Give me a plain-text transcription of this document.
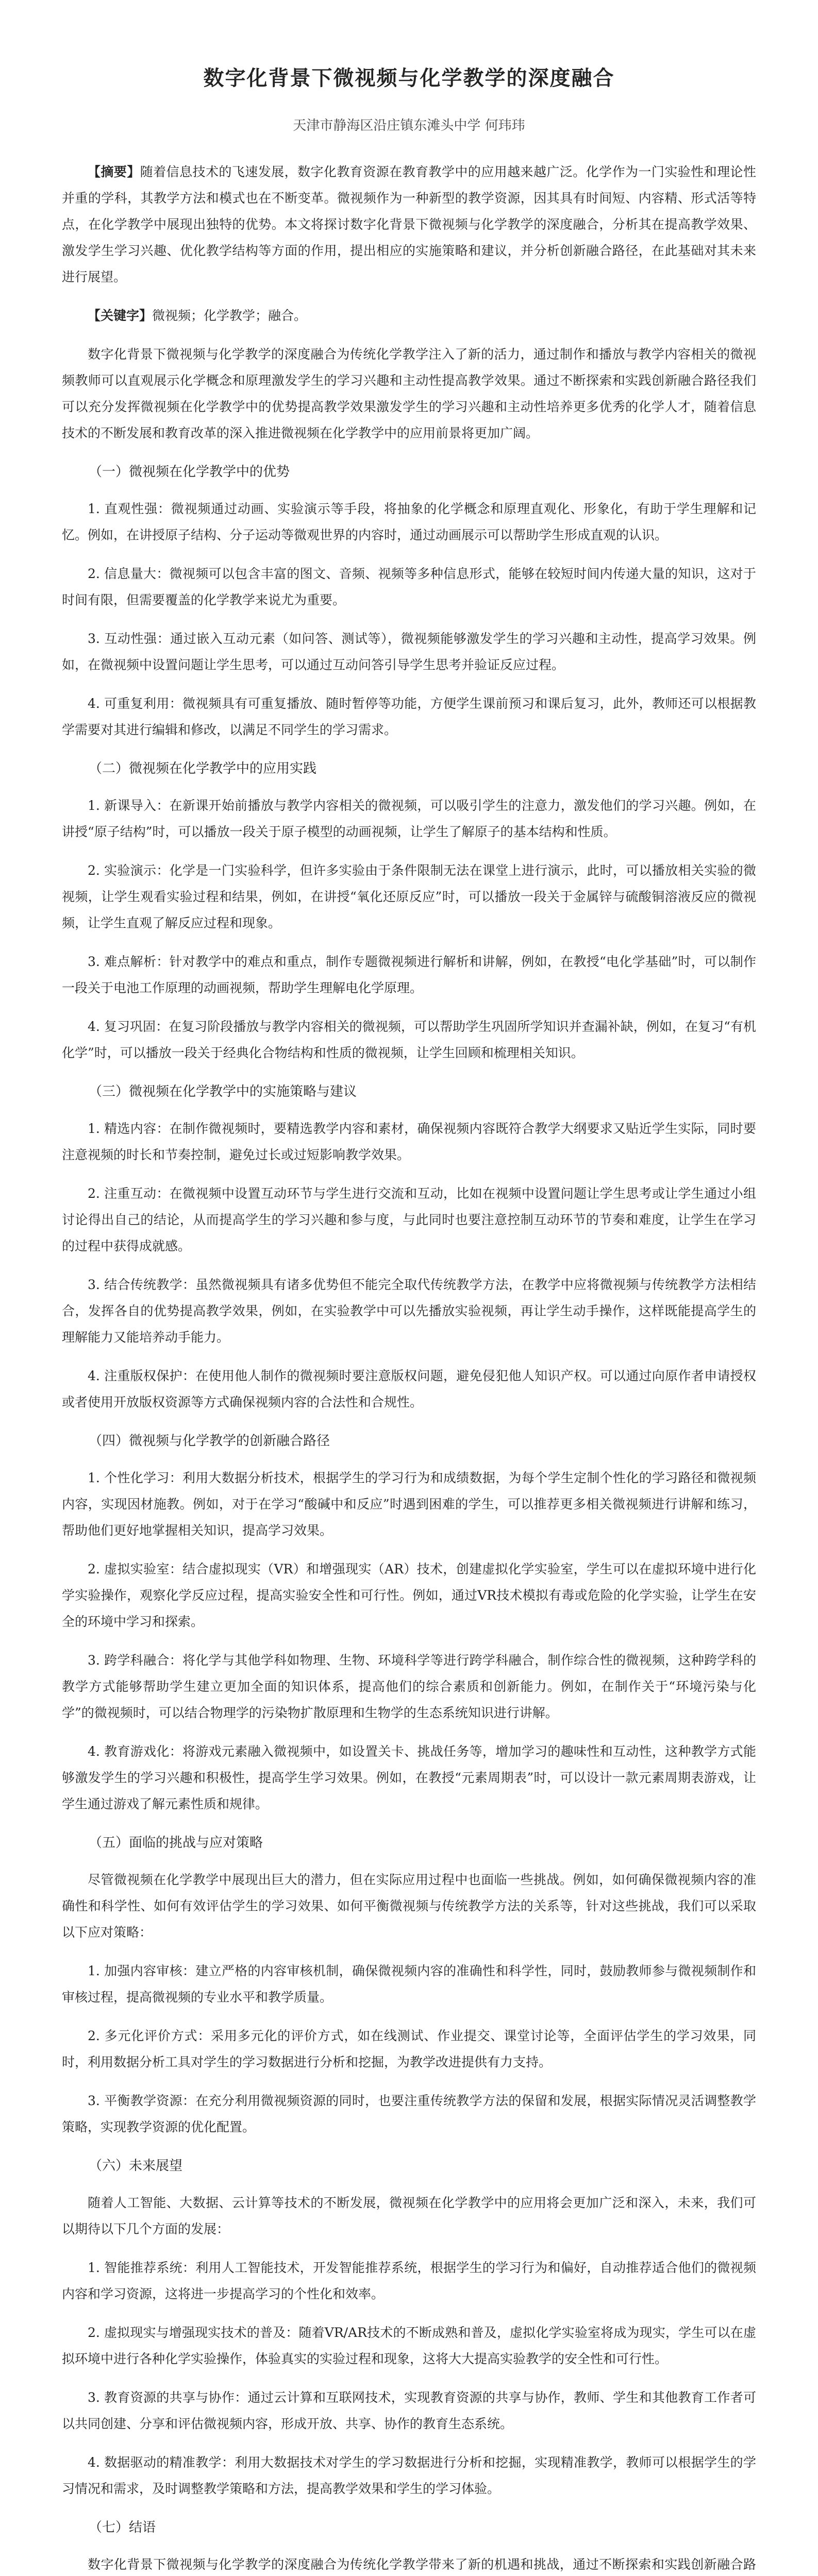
数字化背景下微视频与化学教学的深度融合
天津市静海区沿庄镇东滩头中学 何玮玮

【摘要】随着信息技术的飞速发展，数字化教育资源在教育教学中的应用越来越广泛。化学作为一门实验性和理论性并重的学科，其教学方法和模式也在不断变革。微视频作为一种新型的教学资源，因其具有时间短、内容精、形式活等特点，在化学教学中展现出独特的优势。本文将探讨数字化背景下微视频与化学教学的深度融合，分析其在提高教学效果、激发学生学习兴趣、优化教学结构等方面的作用，提出相应的实施策略和建议，并分析创新融合路径，在此基础对其未来进行展望。

【关键字】微视频；化学教学；融合。

数字化背景下微视频与化学教学的深度融合为传统化学教学注入了新的活力，通过制作和播放与教学内容相关的微视频教师可以直观展示化学概念和原理激发学生的学习兴趣和主动性提高教学效果。通过不断探索和实践创新融合路径我们可以充分发挥微视频在化学教学中的优势提高教学效果激发学生的学习兴趣和主动性培养更多优秀的化学人才，随着信息技术的不断发展和教育改革的深入推进微视频在化学教学中的应用前景将更加广阔。

（一）微视频在化学教学中的优势

1. 直观性强：微视频通过动画、实验演示等手段，将抽象的化学概念和原理直观化、形象化，有助于学生理解和记忆。例如，在讲授原子结构、分子运动等微观世界的内容时，通过动画展示可以帮助学生形成直观的认识。

2. 信息量大：微视频可以包含丰富的图文、音频、视频等多种信息形式，能够在较短时间内传递大量的知识，这对于时间有限，但需要覆盖的化学教学来说尤为重要。

3. 互动性强：通过嵌入互动元素（如问答、测试等），微视频能够激发学生的学习兴趣和主动性，提高学习效果。例如，在微视频中设置问题让学生思考，可以通过互动问答引导学生思考并验证反应过程。

4. 可重复利用：微视频具有可重复播放、随时暂停等功能，方便学生课前预习和课后复习，此外，教师还可以根据教学需要对其进行编辑和修改，以满足不同学生的学习需求。

（二）微视频在化学教学中的应用实践

1. 新课导入：在新课开始前播放与教学内容相关的微视频，可以吸引学生的注意力，激发他们的学习兴趣。例如，在讲授“原子结构”时，可以播放一段关于原子模型的动画视频，让学生了解原子的基本结构和性质。

2. 实验演示：化学是一门实验科学，但许多实验由于条件限制无法在课堂上进行演示，此时，可以播放相关实验的微视频，让学生观看实验过程和结果，例如，在讲授“氧化还原反应”时，可以播放一段关于金属锌与硫酸铜溶液反应的微视频，让学生直观了解反应过程和现象。

3. 难点解析：针对教学中的难点和重点，制作专题微视频进行解析和讲解，例如，在教授“电化学基础”时，可以制作一段关于电池工作原理的动画视频，帮助学生理解电化学原理。

4. 复习巩固：在复习阶段播放与教学内容相关的微视频，可以帮助学生巩固所学知识并查漏补缺，例如，在复习“有机化学”时，可以播放一段关于经典化合物结构和性质的微视频，让学生回顾和梳理相关知识。

（三）微视频在化学教学中的实施策略与建议

1. 精选内容：在制作微视频时，要精选教学内容和素材，确保视频内容既符合教学大纲要求又贴近学生实际，同时要注意视频的时长和节奏控制，避免过长或过短影响教学效果。

2. 注重互动：在微视频中设置互动环节与学生进行交流和互动，比如在视频中设置问题让学生思考或让学生通过小组讨论得出自己的结论，从而提高学生的学习兴趣和参与度，与此同时也要注意控制互动环节的节奏和难度，让学生在学习的过程中获得成就感。

3. 结合传统教学：虽然微视频具有诸多优势但不能完全取代传统教学方法，在教学中应将微视频与传统教学方法相结合，发挥各自的优势提高教学效果，例如，在实验教学中可以先播放实验视频，再让学生动手操作，这样既能提高学生的理解能力又能培养动手能力。

4. 注重版权保护：在使用他人制作的微视频时要注意版权问题，避免侵犯他人知识产权。可以通过向原作者申请授权或者使用开放版权资源等方式确保视频内容的合法性和合规性。

（四）微视频与化学教学的创新融合路径

1. 个性化学习：利用大数据分析技术，根据学生的学习行为和成绩数据，为每个学生定制个性化的学习路径和微视频内容，实现因材施教。例如，对于在学习“酸碱中和反应”时遇到困难的学生，可以推荐更多相关微视频进行讲解和练习，帮助他们更好地掌握相关知识，提高学习效果。

2. 虚拟实验室：结合虚拟现实（VR）和增强现实（AR）技术，创建虚拟化学实验室，学生可以在虚拟环境中进行化学实验操作，观察化学反应过程，提高实验安全性和可行性。例如，通过VR技术模拟有毒或危险的化学实验，让学生在安全的环境中学习和探索。

3. 跨学科融合：将化学与其他学科如物理、生物、环境科学等进行跨学科融合，制作综合性的微视频，这种跨学科的教学方式能够帮助学生建立更加全面的知识体系，提高他们的综合素质和创新能力。例如，在制作关于“环境污染与化学”的微视频时，可以结合物理学的污染物扩散原理和生物学的生态系统知识进行讲解。

4. 教育游戏化：将游戏元素融入微视频中，如设置关卡、挑战任务等，增加学习的趣味性和互动性，这种教学方式能够激发学生的学习兴趣和积极性，提高学生学习效果。例如，在教授“元素周期表”时，可以设计一款元素周期表游戏，让学生通过游戏了解元素性质和规律。

（五）面临的挑战与应对策略

尽管微视频在化学教学中展现出巨大的潜力，但在实际应用过程中也面临一些挑战。例如，如何确保微视频内容的准确性和科学性、如何有效评估学生的学习效果、如何平衡微视频与传统教学方法的关系等，针对这些挑战，我们可以采取以下应对策略：

1. 加强内容审核：建立严格的内容审核机制，确保微视频内容的准确性和科学性，同时，鼓励教师参与微视频制作和审核过程，提高微视频的专业水平和教学质量。

2. 多元化评价方式：采用多元化的评价方式，如在线测试、作业提交、课堂讨论等，全面评估学生的学习效果，同时，利用数据分析工具对学生的学习数据进行分析和挖掘，为教学改进提供有力支持。

3. 平衡教学资源：在充分利用微视频资源的同时，也要注重传统教学方法的保留和发展，根据实际情况灵活调整教学策略，实现教学资源的优化配置。

（六）未来展望

随着人工智能、大数据、云计算等技术的不断发展，微视频在化学教学中的应用将会更加广泛和深入，未来，我们可以期待以下几个方面的发展：

1. 智能推荐系统：利用人工智能技术，开发智能推荐系统，根据学生的学习行为和偏好，自动推荐适合他们的微视频内容和学习资源，这将进一步提高学习的个性化和效率。

2. 虚拟现实与增强现实技术的普及：随着VR/AR技术的不断成熟和普及，虚拟化学实验室将成为现实，学生可以在虚拟环境中进行各种化学实验操作，体验真实的实验过程和现象，这将大大提高实验教学的安全性和可行性。

3. 教育资源的共享与协作：通过云计算和互联网技术，实现教育资源的共享与协作，教师、学生和其他教育工作者可以共同创建、分享和评估微视频内容，形成开放、共享、协作的教育生态系统。

4. 数据驱动的精准教学：利用大数据技术对学生的学习数据进行分析和挖掘，实现精准教学，教师可以根据学生的学习情况和需求，及时调整教学策略和方法，提高教学效果和学生的学习体验。

（七）结语

数字化背景下微视频与化学教学的深度融合为传统化学教学带来了新的机遇和挑战，通过不断探索和实践创新融合路
